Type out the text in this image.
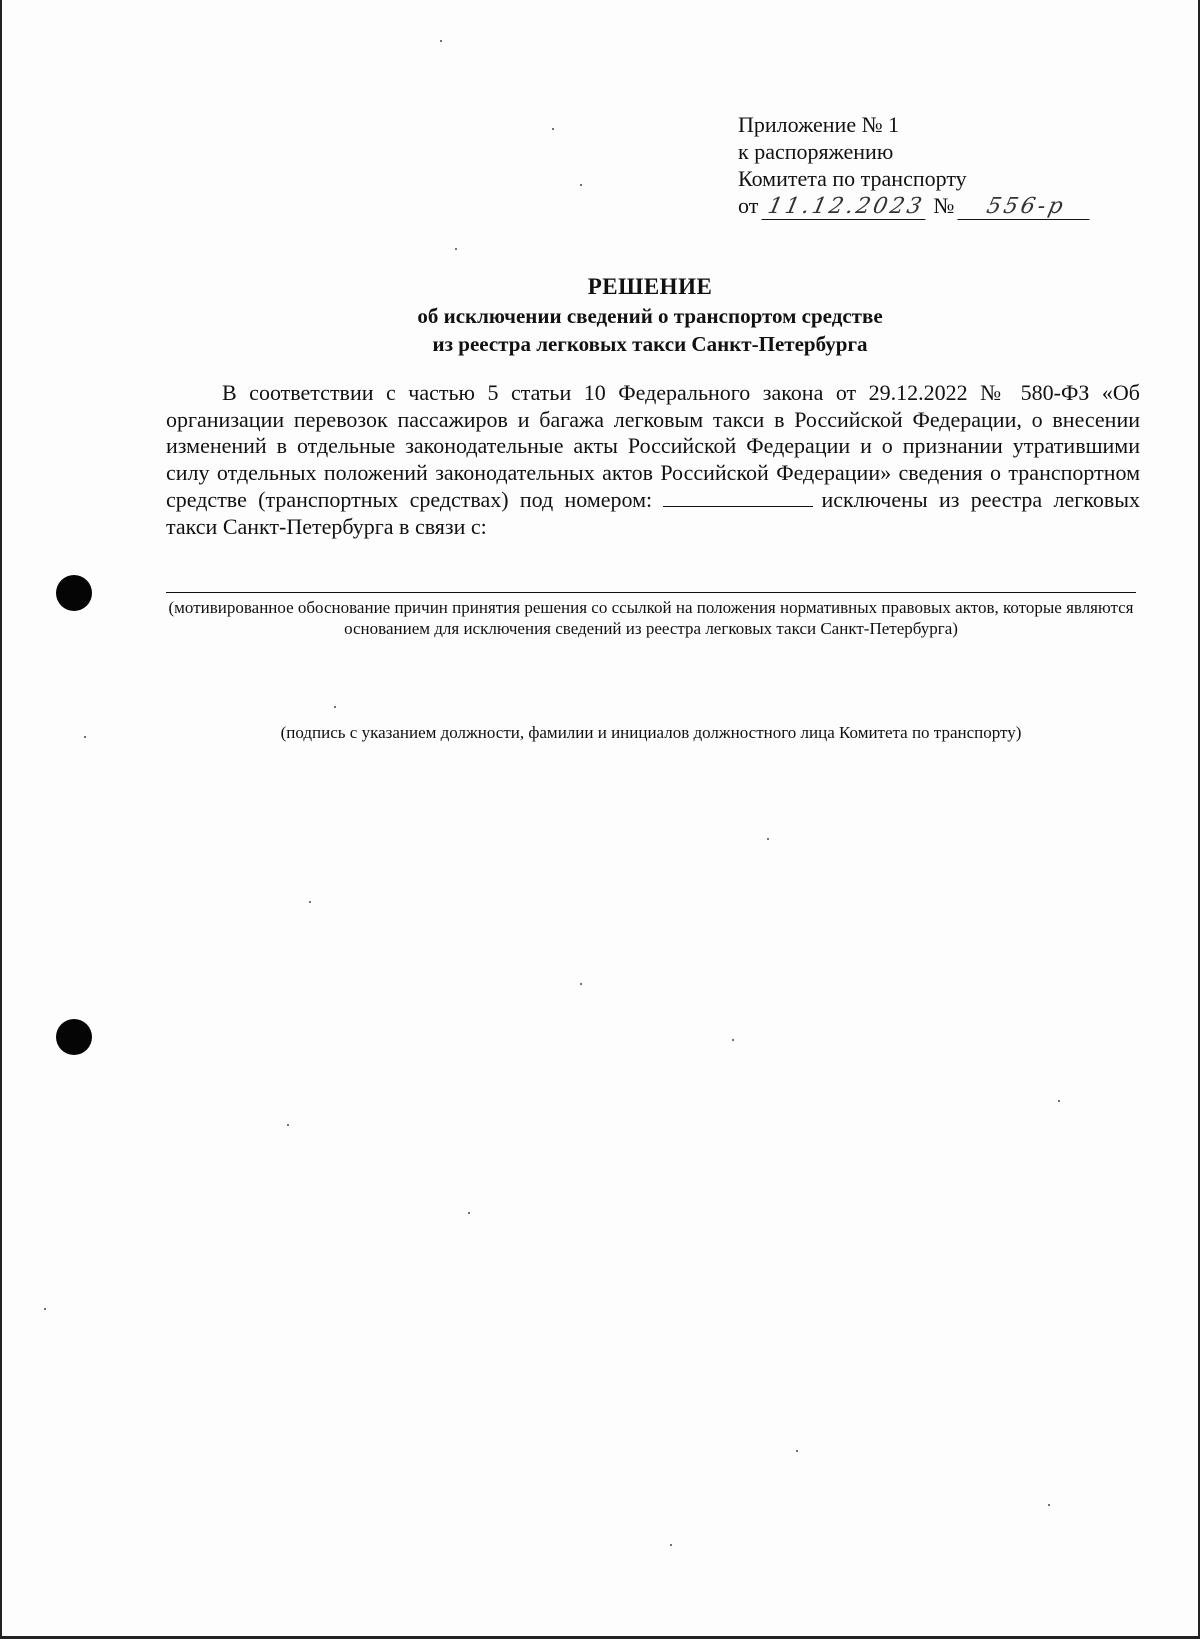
Приложение № 1
к распоряжению
Комитета по транспорту
от 11.12.2023 № 556-р
РЕШЕНИЕ
об исключении сведений о транспортом средстве
из реестра легковых такси Санкт-Петербурга
В соответствии с частью 5 статьи 10 Федерального закона от 29.12.2022 № 580-ФЗ «Об организации перевозок пассажиров и багажа легковым такси в Российской Федерации, о внесении изменений в отдельные законодательные акты Российской Федерации и о признании утратившими силу отдельных положений законодательных актов Российской Федерации» сведения о транспортном средстве (транспортных средствах) под номером:	исключены из реестра легковых такси Санкт-Петербурга в связи с:
(мотивированное обоснование причин принятия решения со ссылкой на положения нормативных правовых актов, которые являются основанием для исключения сведений из реестра легковых такси Санкт-Петербурга)
(подпись с указанием должности, фамилии и инициалов должностного лица Комитета по транспорту)
